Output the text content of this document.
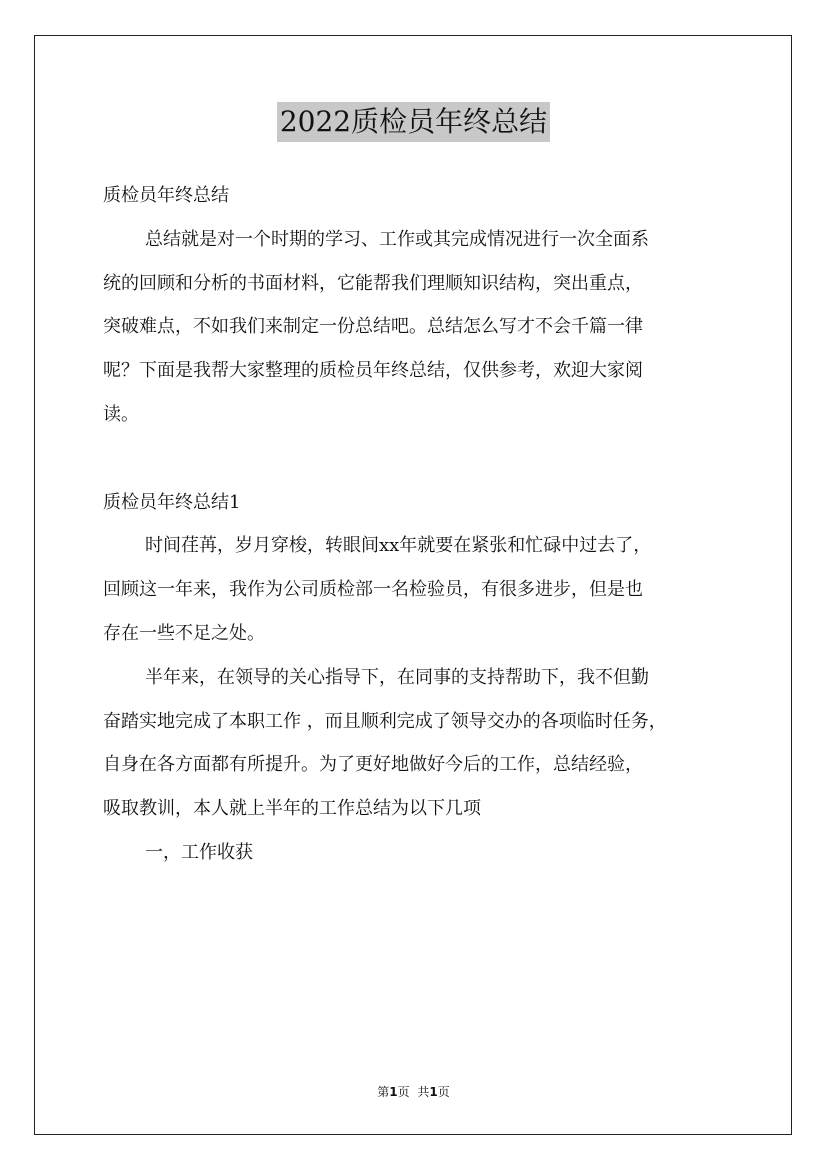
2022质检员年终总结

质检员年终总结

总结就是对一个时期的学习、工作或其完成情况进行一次全面系

统的回顾和分析的书面材料，它能帮我们理顺知识结构，突出重点，

突破难点，不如我们来制定一份总结吧。总结怎么写才不会千篇一律

呢？下面是我帮大家整理的质检员年终总结，仅供参考，欢迎大家阅

读。

质检员年终总结1

时间荏苒，岁月穿梭，转眼间xx年就要在紧张和忙碌中过去了，

回顾这一年来，我作为公司质检部一名检验员，有很多进步，但是也

存在一些不足之处。

半年来，在领导的关心指导下，在同事的支持帮助下，我不但勤

奋踏实地完成了本职工作 ，而且顺利完成了领导交办的各项临时任务，

自身在各方面都有所提升。为了更好地做好今后的工作，总结经验，

吸取教训，本人就上半年的工作总结为以下几项

一，工作收获

第1页 共1页
